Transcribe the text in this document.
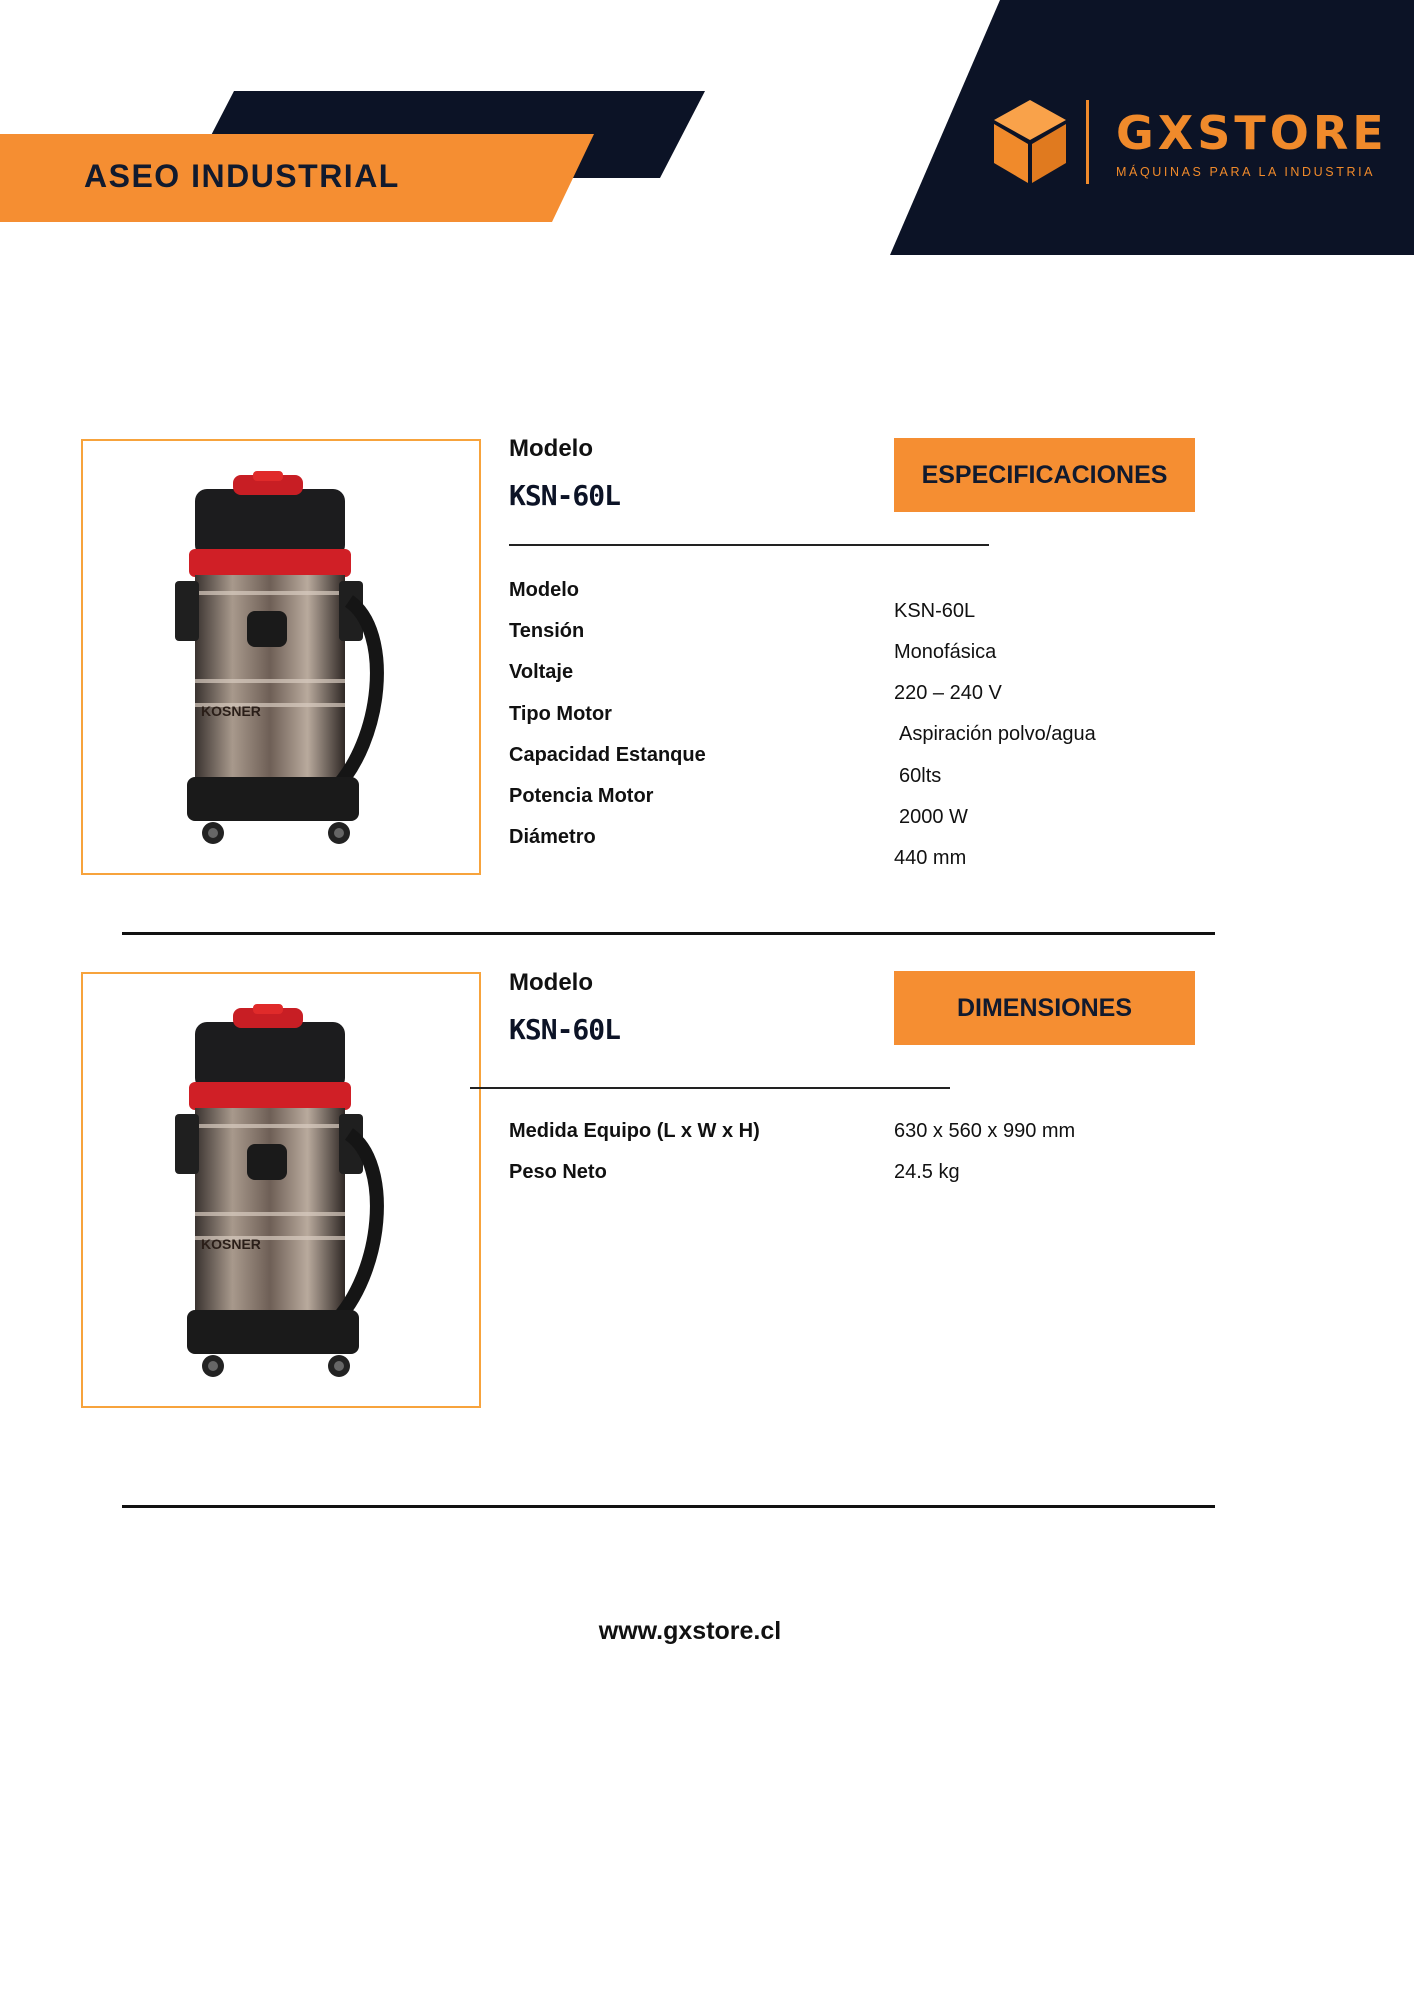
ASEO INDUSTRIAL
GXSTORE
MÁQUINAS PARA LA INDUSTRIA
KOSNER
Modelo
KSN-60L
ESPECIFICACIONES
Modelo
Tensión
Voltaje
Tipo Motor
Capacidad Estanque
Potencia Motor
Diámetro
KSN-60L
Monofásica
220 – 240 V
Aspiración polvo/agua
60lts
2000 W
440 mm
KOSNER
Modelo
KSN-60L
DIMENSIONES
Medida Equipo (L x W x H)
Peso Neto
630 x 560 x 990 mm
24.5 kg
www.gxstore.cl
